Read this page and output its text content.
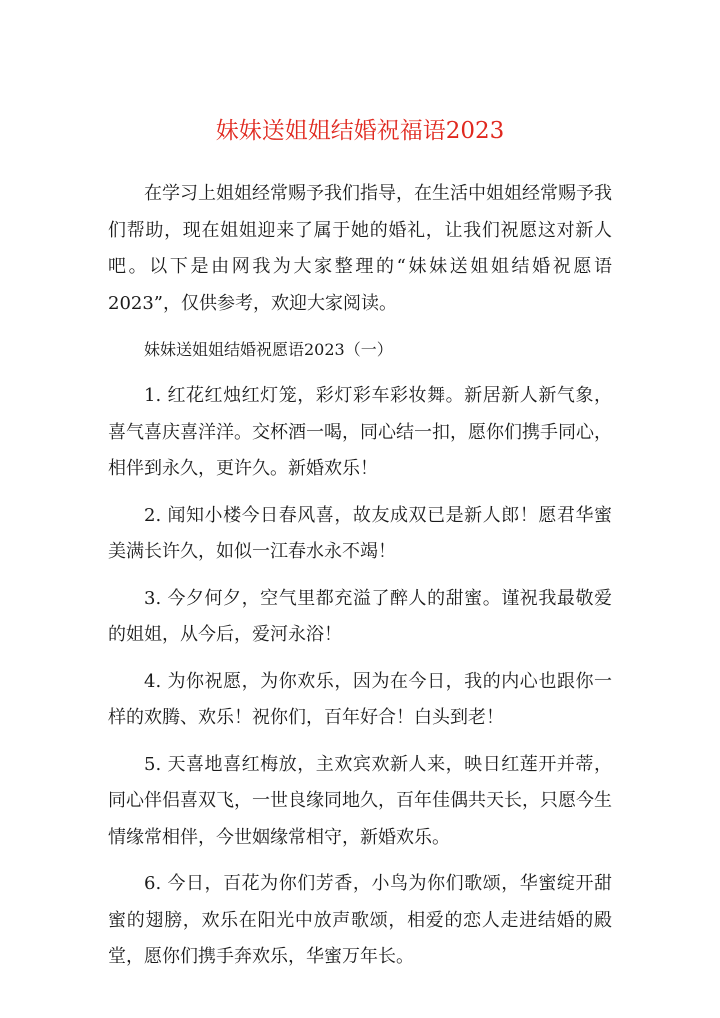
妹妹送姐姐结婚祝福语2023

在学习上姐姐经常赐予我们指导，在生活中姐姐经常赐予我们帮助，现在姐姐迎来了属于她的婚礼，让我们祝愿这对新人吧。以下是由网我为大家整理的“妹妹送姐姐结婚祝愿语2023”，仅供参考，欢迎大家阅读。

妹妹送姐姐结婚祝愿语2023（一）

1. 红花红烛红灯笼，彩灯彩车彩妆舞。新居新人新气象，喜气喜庆喜洋洋。交杯酒一喝，同心结一扣，愿你们携手同心，相伴到永久，更许久。新婚欢乐！

2. 闻知小楼今日春风喜，故友成双已是新人郎！愿君华蜜美满长许久，如似一江春水永不竭！

3. 今夕何夕，空气里都充溢了醉人的甜蜜。谨祝我最敬爱的姐姐，从今后，爱河永浴！

4. 为你祝愿，为你欢乐，因为在今日，我的内心也跟你一样的欢腾、欢乐！祝你们，百年好合！白头到老！

5. 天喜地喜红梅放，主欢宾欢新人来，映日红莲开并蒂，同心伴侣喜双飞，一世良缘同地久，百年佳偶共天长，只愿今生情缘常相伴，今世姻缘常相守，新婚欢乐。

6. 今日，百花为你们芳香，小鸟为你们歌颂，华蜜绽开甜蜜的翅膀，欢乐在阳光中放声歌颂，相爱的恋人走进结婚的殿堂，愿你们携手奔欢乐，华蜜万年长。
